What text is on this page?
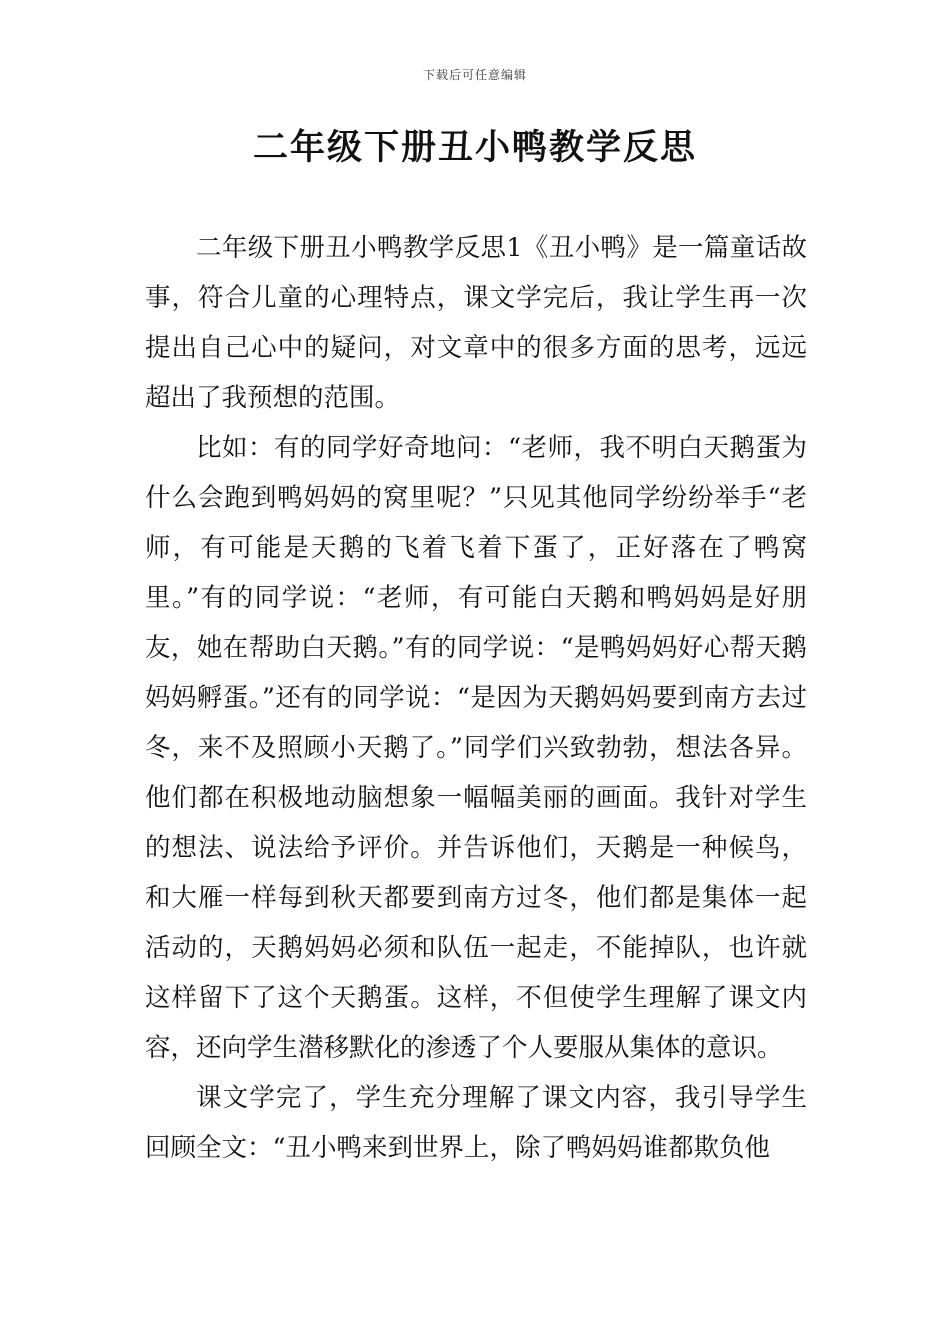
下载后可任意编辑
二年级下册丑小鸭教学反思

二年级下册丑小鸭教学反思1《丑小鸭》是一篇童话故事，符合儿童的心理特点，课文学完后，我让学生再一次提出自己心中的疑问，对文章中的很多方面的思考，远远超出了我预想的范围。

比如：有的同学好奇地问：“老师，我不明白天鹅蛋为什么会跑到鸭妈妈的窝里呢？”只见其他同学纷纷举手“老师，有可能是天鹅的飞着飞着下蛋了，正好落在了鸭窝里。”有的同学说：“老师，有可能白天鹅和鸭妈妈是好朋友，她在帮助白天鹅。”有的同学说：“是鸭妈妈好心帮天鹅妈妈孵蛋。”还有的同学说：“是因为天鹅妈妈要到南方去过冬，来不及照顾小天鹅了。”同学们兴致勃勃，想法各异。他们都在积极地动脑想象一幅幅美丽的画面。我针对学生的想法、说法给予评价。并告诉他们，天鹅是一种候鸟，和大雁一样每到秋天都要到南方过冬，他们都是集体一起活动的，天鹅妈妈必须和队伍一起走，不能掉队，也许就这样留下了这个天鹅蛋。这样，不但使学生理解了课文内容，还向学生潜移默化的渗透了个人要服从集体的意识。

课文学完了，学生充分理解了课文内容，我引导学生回顾全文：“丑小鸭来到世界上，除了鸭妈妈谁都欺负他
